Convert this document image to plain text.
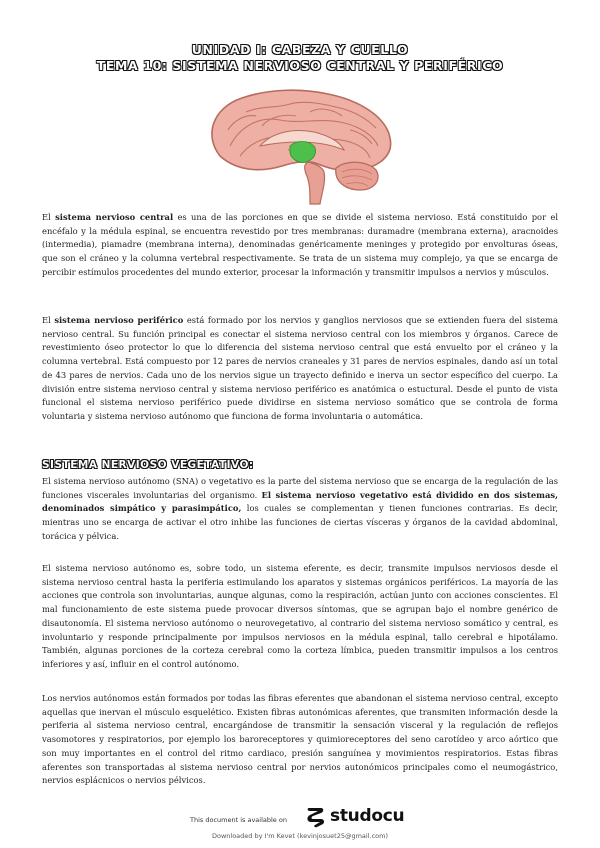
UNIDAD I: CABEZA Y CUELLO
TEMA 10: SISTEMA NERVIOSO CENTRAL Y PERIFÉRICO

El sistema nervioso central es una de las porciones en que se divide el sistema nervioso. Está constituido por el encéfalo y la médula espinal, se encuentra revestido por tres membranas: duramadre (membrana externa), aracnoides (intermedia), piamadre (membrana interna), denominadas genéricamente meninges y protegido por envolturas óseas, que son el cráneo y la columna vertebral respectivamente. Se trata de un sistema muy complejo, ya que se encarga de percibir estímulos procedentes del mundo exterior, procesar la información y transmitir impulsos a nervios y músculos.

El sistema nervioso periférico está formado por los nervios y ganglios nerviosos que se extienden fuera del sistema nervioso central. Su función principal es conectar el sistema nervioso central con los miembros y órganos. Carece de revestimiento óseo protector lo que lo diferencia del sistema nervioso central que está envuelto por el cráneo y la columna vertebral. Está compuesto por 12 pares de nervios craneales y 31 pares de nervios espinales, dando así un total de 43 pares de nervios. Cada uno de los nervios sigue un trayecto definido e inerva un sector específico del cuerpo. La división entre sistema nervioso central y sistema nervioso periférico es anatómica o estuctural. Desde el punto de vista funcional el sistema nervioso periférico puede dividirse en sistema nervioso somático que se controla de forma voluntaria y sistema nervioso autónomo que funciona de forma involuntaria o automática.

SISTEMA NERVIOSO VEGETATIVO:

El sistema nervioso autónomo (SNA) o vegetativo es la parte del sistema nervioso que se encarga de la regulación de las funciones viscerales involuntarias del organismo. El sistema nervioso vegetativo está dividido en dos sistemas, denominados simpático y parasimpático, los cuales se complementan y tienen funciones contrarias. Es decir, mientras uno se encarga de activar el otro inhibe las funciones de ciertas vísceras y órganos de la cavidad abdominal, torácica y pélvica.

El sistema nervioso autónomo es, sobre todo, un sistema eferente, es decir, transmite impulsos nerviosos desde el sistema nervioso central hasta la periferia estimulando los aparatos y sistemas orgánicos periféricos. La mayoría de las acciones que controla son involuntarias, aunque algunas, como la respiración, actúan junto con acciones conscientes. El mal funcionamiento de este sistema puede provocar diversos síntomas, que se agrupan bajo el nombre genérico de disautonomía. El sistema nervioso autónomo o neurovegetativo, al contrario del sistema nervioso somático y central, es involuntario y responde principalmente por impulsos nerviosos en la médula espinal, tallo cerebral e hipotálamo. También, algunas porciones de la corteza cerebral como la corteza límbica, pueden transmitir impulsos a los centros inferiores y así, influir en el control autónomo.

Los nervios autónomos están formados por todas las fibras eferentes que abandonan el sistema nervioso central, excepto aquellas que inervan el músculo esquelético. Existen fibras autonómicas aferentes, que transmiten información desde la periferia al sistema nervioso central, encargándose de transmitir la sensación visceral y la regulación de reflejos vasomotores y respiratorios, por ejemplo los baroreceptores y quimioreceptores del seno carotídeo y arco aórtico que son muy importantes en el control del ritmo cardiaco, presión sanguínea y movimientos respiratorios. Estas fibras aferentes son transportadas al sistema nervioso central por nervios autonómicos principales como el neumogástrico, nervios esplácnicos o nervios pélvicos.

This document is available on	studocu
Downloaded by I'm Kevet (kevinjosuet25@gmail.com)
